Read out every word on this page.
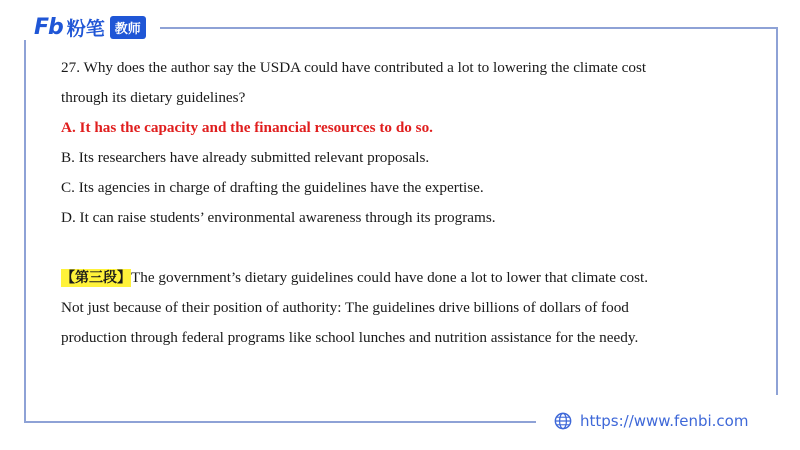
Fb 粉笔 教师
27. Why does the author say the USDA could have contributed a lot to lowering the climate cost
through its dietary guidelines?
A. It has the capacity and the financial resources to do so.
B. Its researchers have already submitted relevant proposals.
C. Its agencies in charge of drafting the guidelines have the expertise.
D. It can raise students’ environmental awareness through its programs.
【第三段】The government’s dietary guidelines could have done a lot to lower that climate cost.
Not just because of their position of authority: The guidelines drive billions of dollars of food
production through federal programs like school lunches and nutrition assistance for the needy.
https://www.fenbi.com
